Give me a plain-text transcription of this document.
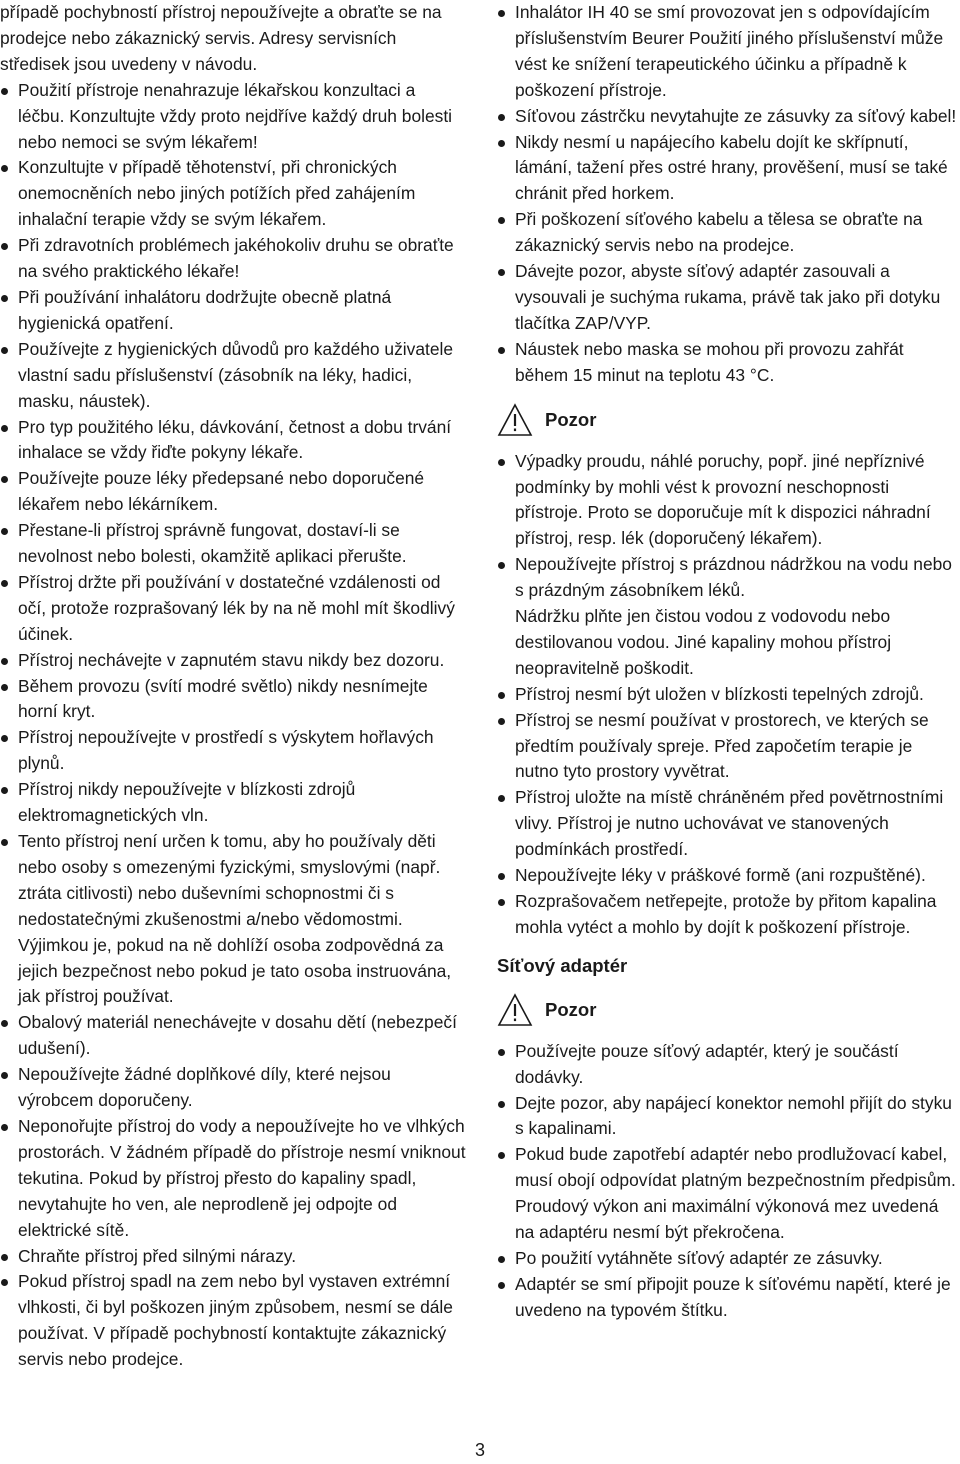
případě pochybností přístroj nepoužívejte a obraťte se na prodejce nebo zákaznický servis. Adresy servisních středisek jsou uvedeny v návodu.
Použití přístroje nenahrazuje lékařskou konzultaci a léčbu. Konzultujte vždy proto nejdříve každý druh bolesti nebo nemoci se svým lékařem!
Konzultujte v případě těhotenství, při chronických onemocněních nebo jiných potížích před zahájením inhalační terapie vždy se svým lékařem.
Při zdravotních problémech jakéhokoliv druhu se obraťte na svého praktického lékaře!
Při používání inhalátoru dodržujte obecně platná hygienická opatření.
Používejte z hygienických důvodů pro každého uživatele vlastní sadu příslušenství (zásobník na léky, hadici, masku, náustek).
Pro typ použitého léku, dávkování, četnost a dobu trvání inhalace se vždy řiďte pokyny lékaře.
Používejte pouze léky předepsané nebo doporučené lékařem nebo lékárníkem.
Přestane-li přístroj správně fungovat, dostaví-li se nevolnost nebo bolesti, okamžitě aplikaci přerušte.
Přístroj držte při používání v dostatečné vzdálenosti od očí, protože rozprašovaný lék by na ně mohl mít škodlivý účinek.
Přístroj nechávejte v zapnutém stavu nikdy bez dozoru.
Během provozu (svítí modré světlo) nikdy nesnímejte horní kryt.
Přístroj nepoužívejte v prostředí s výskytem hořlavých plynů.
Přístroj nikdy nepoužívejte v blízkosti zdrojů elektromagnetických vln.
Tento přístroj není určen k tomu, aby ho používaly děti nebo osoby s omezenými fyzickými, smyslovými (např. ztráta citlivosti) nebo duševními schopnostmi či s nedostatečnými zkušenostmi a/nebo vědomostmi. Výjimkou je, pokud na ně dohlíží osoba zodpovědná za jejich bezpečnost nebo pokud je tato osoba instruována, jak přístroj používat.
Obalový materiál nenechávejte v dosahu dětí (nebezpečí udušení).
Nepoužívejte žádné doplňkové díly, které nejsou výrobcem doporučeny.
Neponořujte přístroj do vody a nepoužívejte ho ve vlhkých prostorách. V žádném případě do přístroje nesmí vniknout tekutina. Pokud by přístroj přesto do kapaliny spadl, nevytahujte ho ven, ale neprodleně jej odpojte od elektrické sítě.
Chraňte přístroj před silnými nárazy.
Pokud přístroj spadl na zem nebo byl vystaven extrémní vlhkosti, či byl poškozen jiným způsobem, nesmí se dále používat. V případě pochybností kontaktujte zákaznický servis nebo prodejce.
Inhalátor IH 40 se smí provozovat jen s odpovídajícím příslušenstvím Beurer Použití jiného příslušenství může vést ke snížení terapeutického účinku a případně k poškození přístroje.
Síťovou zástrčku nevytahujte ze zásuvky za síťový kabel!
Nikdy nesmí u napájecího kabelu dojít ke skřípnutí, lámání, tažení přes ostré hrany, prověšení, musí se také chránit před horkem.
Při poškození síťového kabelu a tělesa se obraťte na zákaznický servis nebo na prodejce.
Dávejte pozor, abyste síťový adaptér zasouvali a vysouvali je suchýma rukama, právě tak jako při dotyku tlačítka ZAP/VYP.
Náustek nebo maska se mohou při provozu zahřát během 15 minut na teplotu 43 °C.
Pozor
Výpadky proudu, náhlé poruchy, popř. jiné nepříznivé podmínky by mohli vést k provozní neschopnosti přístroje. Proto se doporučuje mít k dispozici náhradní přístroj, resp. lék (doporučený lékařem).
Nepoužívejte přístroj s prázdnou nádržkou na vodu nebo s prázdným zásobníkem léků.
Nádržku plňte jen čistou vodou z vodovodu nebo destilovanou vodou. Jiné kapaliny mohou přístroj neopravitelně poškodit.
Přístroj nesmí být uložen v blízkosti tepelných zdrojů.
Přístroj se nesmí používat v prostorech, ve kterých se předtím používaly spreje. Před započetím terapie je nutno tyto prostory vyvětrat.
Přístroj uložte na místě chráněném před povětrnostními vlivy. Přístroj je nutno uchovávat ve stanovených podmínkách prostředí.
Nepoužívejte léky v práškové formě (ani rozpuštěné).
Rozprašovačem netřepejte, protože by přitom kapalina mohla vytéct a mohlo by dojít k poškození přístroje.
Síťový adaptér
Pozor
Používejte pouze síťový adaptér, který je součástí dodávky.
Dejte pozor, aby napájecí konektor nemohl přijít do styku s kapalinami.
Pokud bude zapotřebí adaptér nebo prodlužovací kabel, musí obojí odpovídat platným bezpečnostním předpisům. Proudový výkon ani maximální výkonová mez uvedená na adaptéru nesmí být překročena.
Po použití vytáhněte síťový adaptér ze zásuvky.
Adaptér se smí připojit pouze k síťovému napětí, které je uvedeno na typovém štítku.
3
